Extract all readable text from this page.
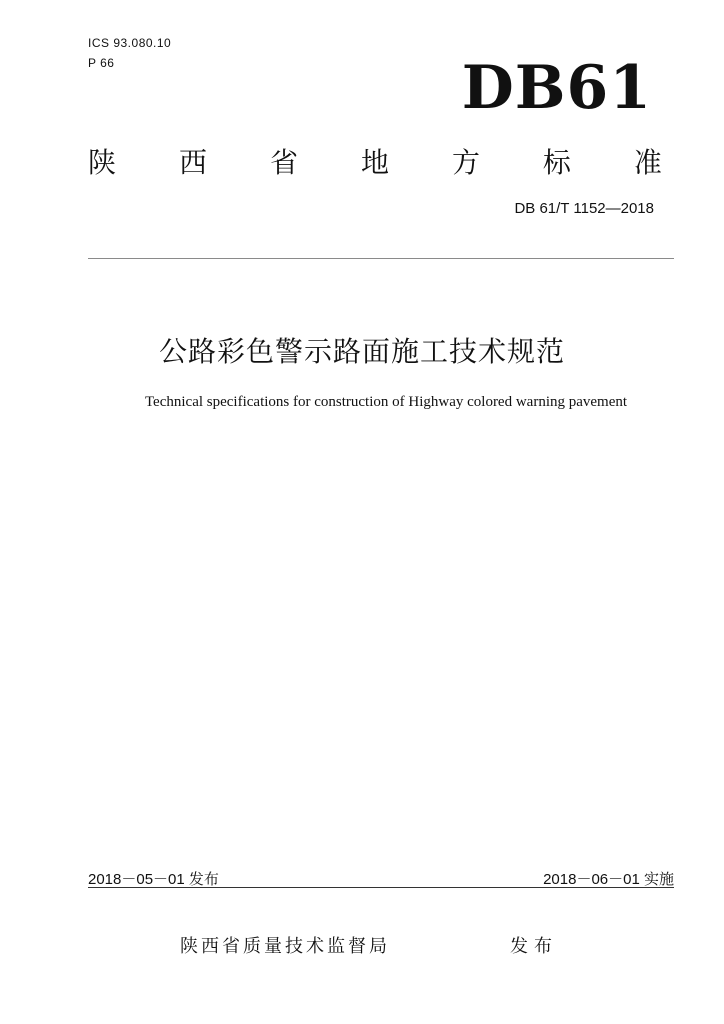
ICS 93.080.10
P 66	DB61
陕 西 省 地 方 标 准
DB 61/T 1152—2018
公路彩色警示路面施工技术规范
Technical specifications for construction of Highway colored warning pavement
2018－05－01 发布	2018－06－01 实施
陕西省质量技术监督局	发布
